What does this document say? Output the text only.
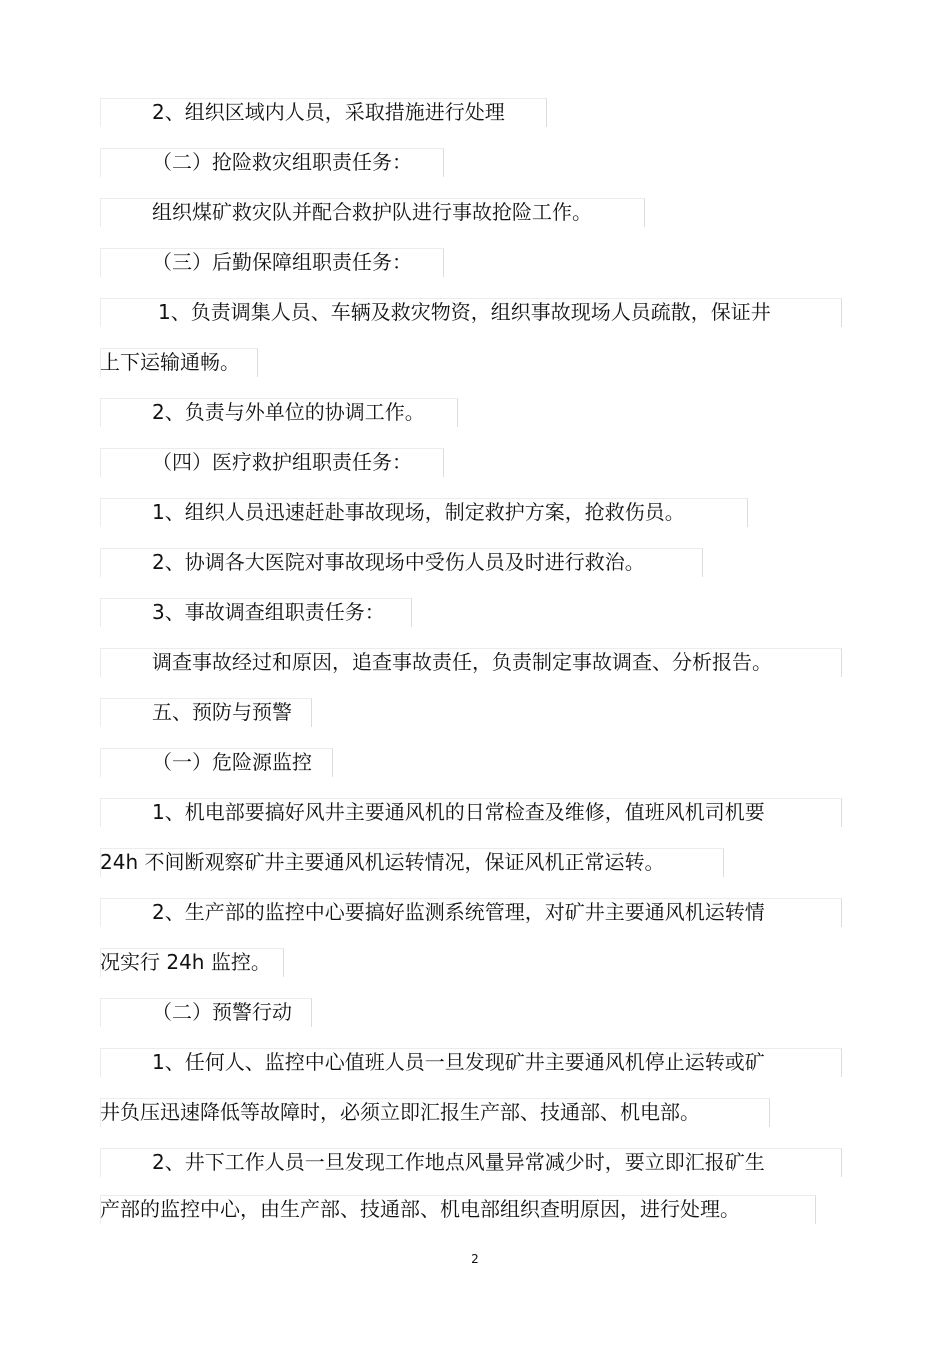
2、组织区域内人员，采取措施进行处理
（二）抢险救灾组职责任务：
组织煤矿救灾队并配合救护队进行事故抢险工作。
（三）后勤保障组职责任务：
1、负责调集人员、车辆及救灾物资，组织事故现场人员疏散，保证井
上下运输通畅。
2、负责与外单位的协调工作。
（四）医疗救护组职责任务：
1、组织人员迅速赶赴事故现场，制定救护方案，抢救伤员。
2、协调各大医院对事故现场中受伤人员及时进行救治。
3、事故调查组职责任务：
调查事故经过和原因，追查事故责任，负责制定事故调查、分析报告。
五、预防与预警
（一）危险源监控
1、机电部要搞好风井主要通风机的日常检查及维修，值班风机司机要
24h 不间断观察矿井主要通风机运转情况，保证风机正常运转。
2、生产部的监控中心要搞好监测系统管理，对矿井主要通风机运转情
况实行 24h 监控。
（二）预警行动
1、任何人、监控中心值班人员一旦发现矿井主要通风机停止运转或矿
井负压迅速降低等故障时，必须立即汇报生产部、技通部、机电部。
2、井下工作人员一旦发现工作地点风量异常减少时，要立即汇报矿生
产部的监控中心，由生产部、技通部、机电部组织查明原因，进行处理。
2
